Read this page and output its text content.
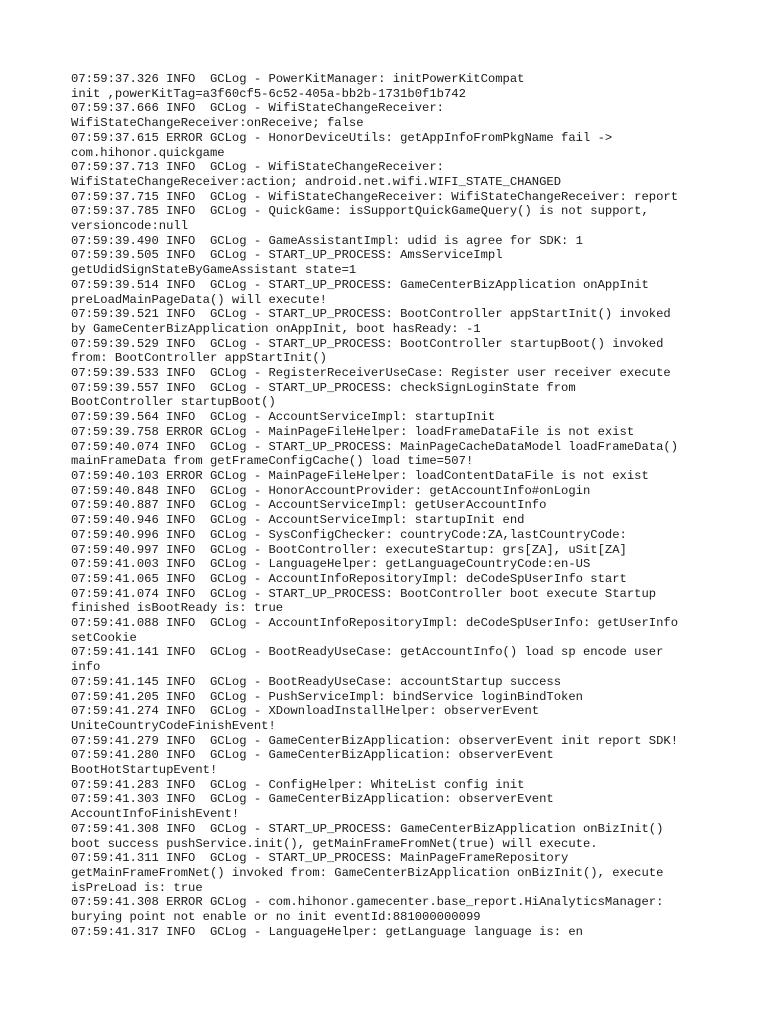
07:59:37.326 INFO  GCLog - PowerKitManager: initPowerKitCompat
init ,powerKitTag=a3f60cf5-6c52-405a-bb2b-1731b0f1b742
07:59:37.666 INFO  GCLog - WifiStateChangeReceiver:
WifiStateChangeReceiver:onReceive; false
07:59:37.615 ERROR GCLog - HonorDeviceUtils: getAppInfoFromPkgName fail ->
com.hihonor.quickgame
07:59:37.713 INFO  GCLog - WifiStateChangeReceiver:
WifiStateChangeReceiver:action; android.net.wifi.WIFI_STATE_CHANGED
07:59:37.715 INFO  GCLog - WifiStateChangeReceiver: WifiStateChangeReceiver: report
07:59:37.785 INFO  GCLog - QuickGame: isSupportQuickGameQuery() is not support,
versioncode:null
07:59:39.490 INFO  GCLog - GameAssistantImpl: udid is agree for SDK: 1
07:59:39.505 INFO  GCLog - START_UP_PROCESS: AmsServiceImpl
getUdidSignStateByGameAssistant state=1
07:59:39.514 INFO  GCLog - START_UP_PROCESS: GameCenterBizApplication onAppInit
preLoadMainPageData() will execute!
07:59:39.521 INFO  GCLog - START_UP_PROCESS: BootController appStartInit() invoked
by GameCenterBizApplication onAppInit, boot hasReady: -1
07:59:39.529 INFO  GCLog - START_UP_PROCESS: BootController startupBoot() invoked
from: BootController appStartInit()
07:59:39.533 INFO  GCLog - RegisterReceiverUseCase: Register user receiver execute
07:59:39.557 INFO  GCLog - START_UP_PROCESS: checkSignLoginState from
BootController startupBoot()
07:59:39.564 INFO  GCLog - AccountServiceImpl: startupInit
07:59:39.758 ERROR GCLog - MainPageFileHelper: loadFrameDataFile is not exist
07:59:40.074 INFO  GCLog - START_UP_PROCESS: MainPageCacheDataModel loadFrameData()
mainFrameData from getFrameConfigCache() load time=507!
07:59:40.103 ERROR GCLog - MainPageFileHelper: loadContentDataFile is not exist
07:59:40.848 INFO  GCLog - HonorAccountProvider: getAccountInfo#onLogin
07:59:40.887 INFO  GCLog - AccountServiceImpl: getUserAccountInfo
07:59:40.946 INFO  GCLog - AccountServiceImpl: startupInit end
07:59:40.996 INFO  GCLog - SysConfigChecker: countryCode:ZA,lastCountryCode:
07:59:40.997 INFO  GCLog - BootController: executeStartup: grs[ZA], uSit[ZA]
07:59:41.003 INFO  GCLog - LanguageHelper: getLanguageCountryCode:en-US
07:59:41.065 INFO  GCLog - AccountInfoRepositoryImpl: deCodeSpUserInfo start
07:59:41.074 INFO  GCLog - START_UP_PROCESS: BootController boot execute Startup
finished isBootReady is: true
07:59:41.088 INFO  GCLog - AccountInfoRepositoryImpl: deCodeSpUserInfo: getUserInfo
setCookie
07:59:41.141 INFO  GCLog - BootReadyUseCase: getAccountInfo() load sp encode user
info
07:59:41.145 INFO  GCLog - BootReadyUseCase: accountStartup success
07:59:41.205 INFO  GCLog - PushServiceImpl: bindService loginBindToken
07:59:41.274 INFO  GCLog - XDownloadInstallHelper: observerEvent
UniteCountryCodeFinishEvent!
07:59:41.279 INFO  GCLog - GameCenterBizApplication: observerEvent init report SDK!
07:59:41.280 INFO  GCLog - GameCenterBizApplication: observerEvent
BootHotStartupEvent!
07:59:41.283 INFO  GCLog - ConfigHelper: WhiteList config init
07:59:41.303 INFO  GCLog - GameCenterBizApplication: observerEvent
AccountInfoFinishEvent!
07:59:41.308 INFO  GCLog - START_UP_PROCESS: GameCenterBizApplication onBizInit()
boot success pushService.init(), getMainFrameFromNet(true) will execute.
07:59:41.311 INFO  GCLog - START_UP_PROCESS: MainPageFrameRepository
getMainFrameFromNet() invoked from: GameCenterBizApplication onBizInit(), execute
isPreLoad is: true
07:59:41.308 ERROR GCLog - com.hihonor.gamecenter.base_report.HiAnalyticsManager:
burying point not enable or no init eventId:881000000099
07:59:41.317 INFO  GCLog - LanguageHelper: getLanguage language is: en
